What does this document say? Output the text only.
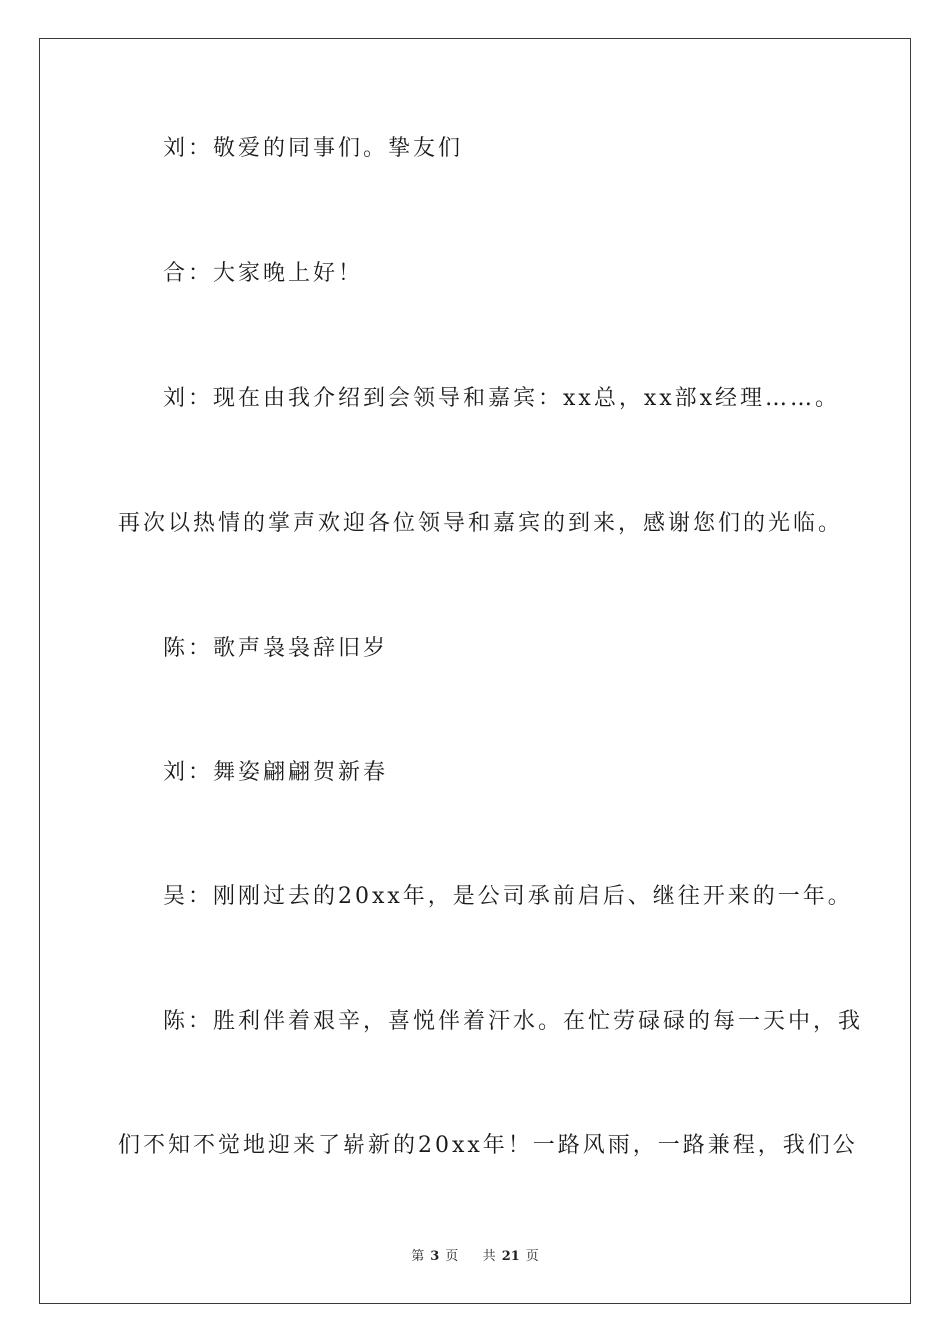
刘：敬爱的同事们。挚友们

合：大家晚上好！

刘：现在由我介绍到会领导和嘉宾：xx总，xx部x经理……。

再次以热情的掌声欢迎各位领导和嘉宾的到来，感谢您们的光临。

陈：歌声袅袅辞旧岁

刘：舞姿翩翩贺新春

吴：刚刚过去的20xx年，是公司承前启后、继往开来的一年。

陈：胜利伴着艰辛，喜悦伴着汗水。在忙劳碌碌的每一天中，我

们不知不觉地迎来了崭新的20xx年！一路风雨，一路兼程，我们公

第 3 页 共 21 页
